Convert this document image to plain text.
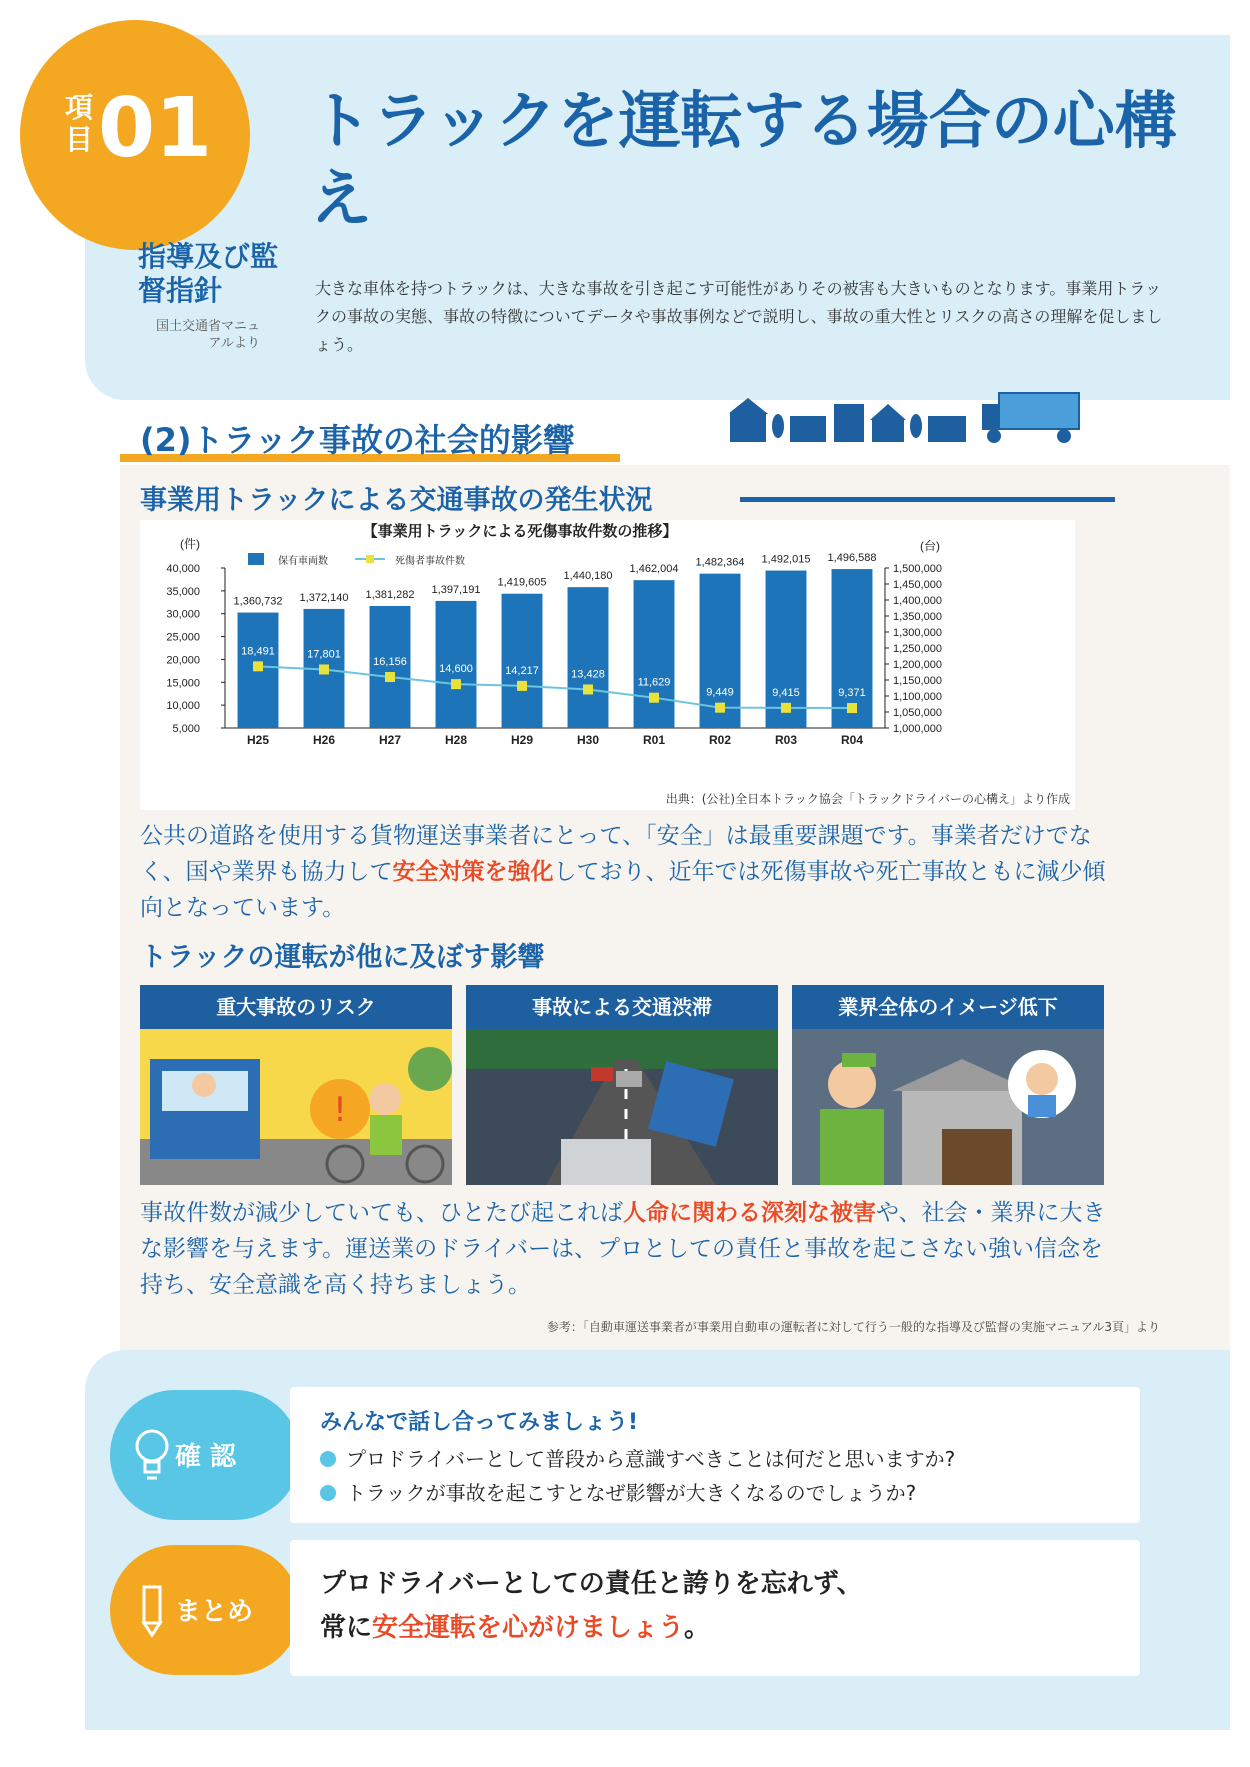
項目 01 トラックを運転する場合の心構え
指導及び監督指針
国土交通省マニュアルより
大きな車体を持つトラックは、大きな事故を引き起こす可能性がありその被害も大きいものとなります。事業用トラックの事故の実態、事故の特徴についてデータや事故事例などで説明し、事故の重大性とリスクの高さの理解を促しましょう。
(2)トラック事故の社会的影響
事業用トラックによる交通事故の発生状況
【事業用トラックによる死傷事故件数の推移】
(件)	(台)
40,000
35,000
30,000
25,000
20,000
15,000
10,000
5,000
1,500,000
1,450,000
1,400,000
1,350,000
1,300,000
1,250,000
1,200,000
1,150,000
1,100,000
1,050,000
1,000,000
保有車両数	死傷者事故件数
1,360,732
H25
1,372,140
H26
1,381,282
H27
1,397,191
H28
1,419,605
H29
1,440,180
H30
1,462,004
R01
1,482,364
R02
1,492,015
R03
1,496,588
R04
18,491	17,801
16,156
14,600	14,217	13,428
11,629
9,449	9,415	9,371
出典：(公社)全日本トラック協会「トラックドライバーの心構え」より作成
公共の道路を使用する貨物運送事業者にとって、「安全」は最重要課題です。事業者だけでなく、国や業界も協力して安全対策を強化しており、近年では死傷事故や死亡事故ともに減少傾向となっています。
トラックの運転が他に及ぼす影響
重大事故のリスク
!
事故による交通渋滞	業界全体のイメージ低下
事故件数が減少していても、ひとたび起これば人命に関わる深刻な被害や、社会・業界に大きな影響を与えます。運送業のドライバーは、プロとしての責任と事故を起こさない強い信念を持ち、安全意識を高く持ちましょう。
参考：「自動車運送事業者が事業用自動車の運転者に対して行う一般的な指導及び監督の実施マニュアル3頁」より
確 認
みんなで話し合ってみましょう!
プロドライバーとして普段から意識すべきことは何だと思いますか?
トラックが事故を起こすとなぜ影響が大きくなるのでしょうか?
まとめ
プロドライバーとしての責任と誇りを忘れず、
常に安全運転を心がけましょう。
